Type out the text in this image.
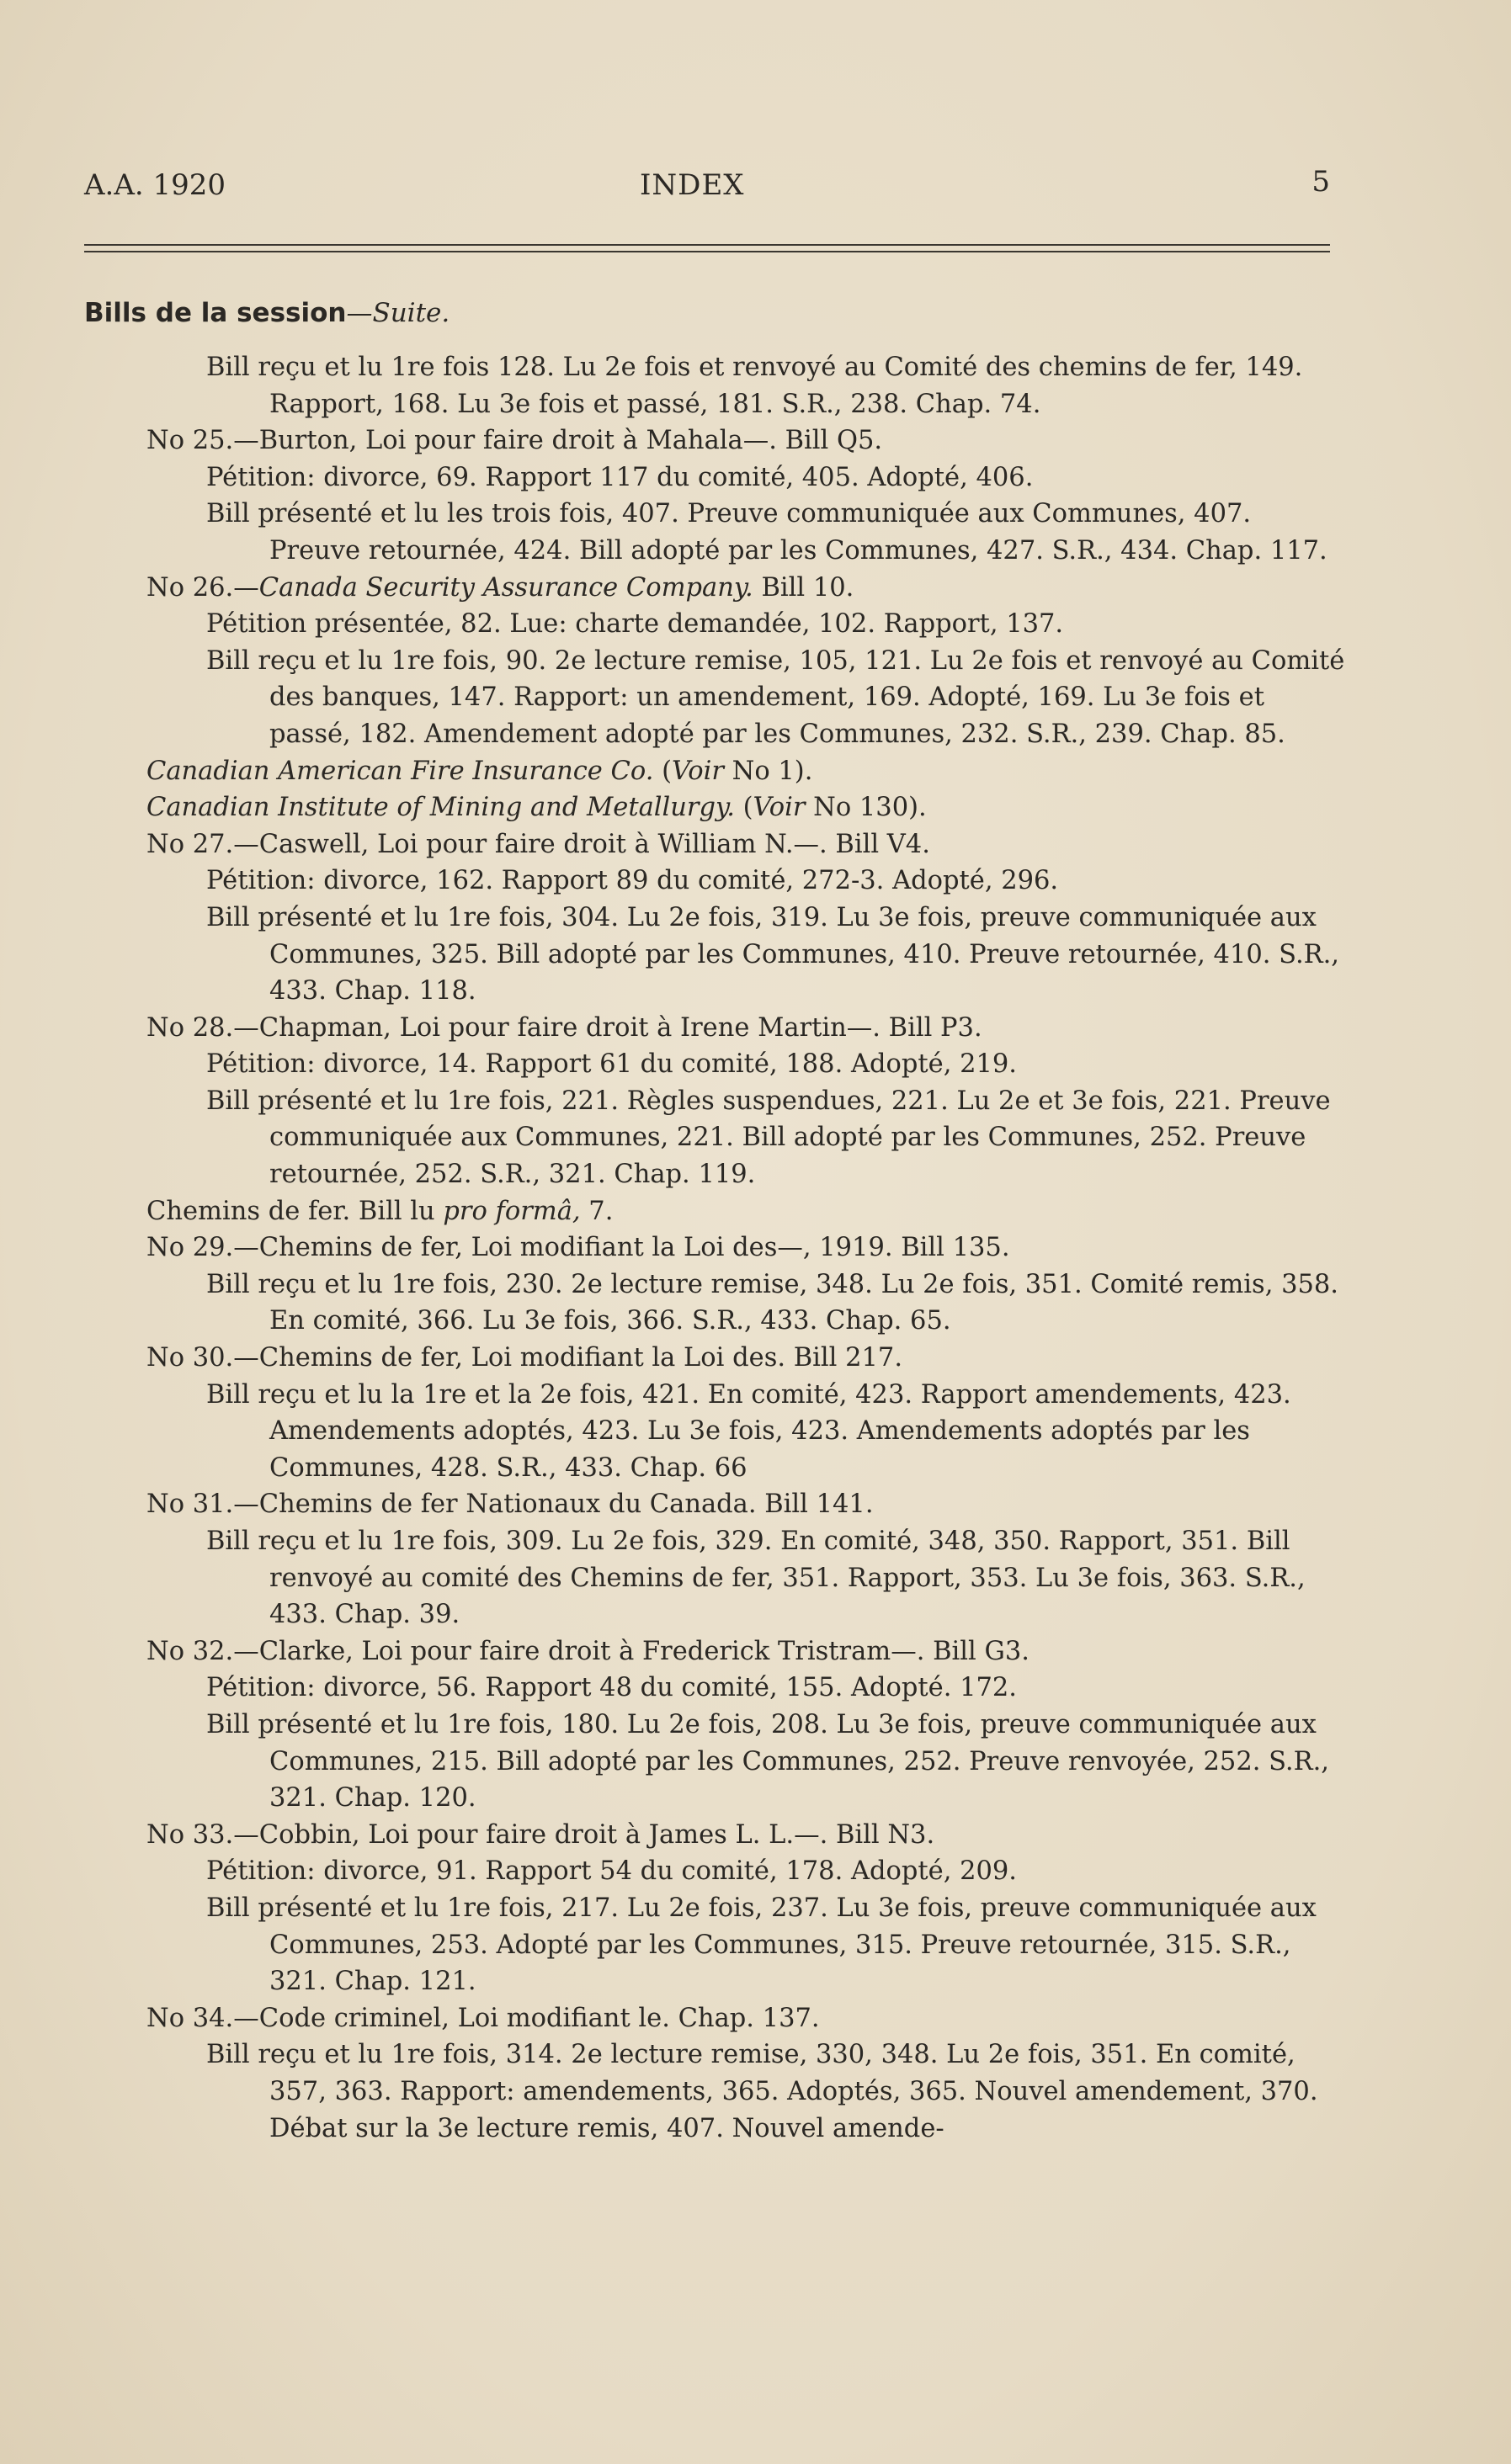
A.A. 1920	INDEX	5
Bills de la session—Suite.
Bill reçu et lu 1re fois 128. Lu 2e fois et renvoyé au Comité des chemins de fer, 149. Rapport, 168. Lu 3e fois et passé, 181. S.R., 238. Chap. 74.
No 25.—Burton, Loi pour faire droit à Mahala—. Bill Q5.
Pétition: divorce, 69. Rapport 117 du comité, 405. Adopté, 406.
Bill présenté et lu les trois fois, 407. Preuve communiquée aux Communes, 407. Preuve retournée, 424. Bill adopté par les Communes, 427. S.R., 434. Chap. 117.
No 26.—Canada Security Assurance Company. Bill 10.
Pétition présentée, 82. Lue: charte demandée, 102. Rapport, 137.
Bill reçu et lu 1re fois, 90. 2e lecture remise, 105, 121. Lu 2e fois et renvoyé au Comité des banques, 147. Rapport: un amendement, 169. Adopté, 169. Lu 3e fois et passé, 182. Amendement adopté par les Communes, 232. S.R., 239. Chap. 85.
Canadian American Fire Insurance Co. (Voir No 1).
Canadian Institute of Mining and Metallurgy. (Voir No 130).
No 27.—Caswell, Loi pour faire droit à William N.—. Bill V4.
Pétition: divorce, 162. Rapport 89 du comité, 272-3. Adopté, 296.
Bill présenté et lu 1re fois, 304. Lu 2e fois, 319. Lu 3e fois, preuve communiquée aux Communes, 325. Bill adopté par les Communes, 410. Preuve retournée, 410. S.R., 433. Chap. 118.
No 28.—Chapman, Loi pour faire droit à Irene Martin—. Bill P3.
Pétition: divorce, 14. Rapport 61 du comité, 188. Adopté, 219.
Bill présenté et lu 1re fois, 221. Règles suspendues, 221. Lu 2e et 3e fois, 221. Preuve communiquée aux Communes, 221. Bill adopté par les Communes, 252. Preuve retournée, 252. S.R., 321. Chap. 119.
Chemins de fer. Bill lu pro formâ, 7.
No 29.—Chemins de fer, Loi modifiant la Loi des—, 1919. Bill 135.
Bill reçu et lu 1re fois, 230. 2e lecture remise, 348. Lu 2e fois, 351. Comité remis, 358. En comité, 366. Lu 3e fois, 366. S.R., 433. Chap. 65.
No 30.—Chemins de fer, Loi modifiant la Loi des. Bill 217.
Bill reçu et lu la 1re et la 2e fois, 421. En comité, 423. Rapport amendements, 423. Amendements adoptés, 423. Lu 3e fois, 423. Amendements adoptés par les Communes, 428. S.R., 433. Chap. 66
No 31.—Chemins de fer Nationaux du Canada. Bill 141.
Bill reçu et lu 1re fois, 309. Lu 2e fois, 329. En comité, 348, 350. Rapport, 351. Bill renvoyé au comité des Chemins de fer, 351. Rapport, 353. Lu 3e fois, 363. S.R., 433. Chap. 39.
No 32.—Clarke, Loi pour faire droit à Frederick Tristram—. Bill G3.
Pétition: divorce, 56. Rapport 48 du comité, 155. Adopté. 172.
Bill présenté et lu 1re fois, 180. Lu 2e fois, 208. Lu 3e fois, preuve communiquée aux Communes, 215. Bill adopté par les Communes, 252. Preuve renvoyée, 252. S.R., 321. Chap. 120.
No 33.—Cobbin, Loi pour faire droit à James L. L.—. Bill N3.
Pétition: divorce, 91. Rapport 54 du comité, 178. Adopté, 209.
Bill présenté et lu 1re fois, 217. Lu 2e fois, 237. Lu 3e fois, preuve communiquée aux Communes, 253. Adopté par les Communes, 315. Preuve retournée, 315. S.R., 321. Chap. 121.
No 34.—Code criminel, Loi modifiant le. Chap. 137.
Bill reçu et lu 1re fois, 314. 2e lecture remise, 330, 348. Lu 2e fois, 351. En comité, 357, 363. Rapport: amendements, 365. Adoptés, 365. Nouvel amendement, 370. Débat sur la 3e lecture remis, 407. Nouvel amende-
